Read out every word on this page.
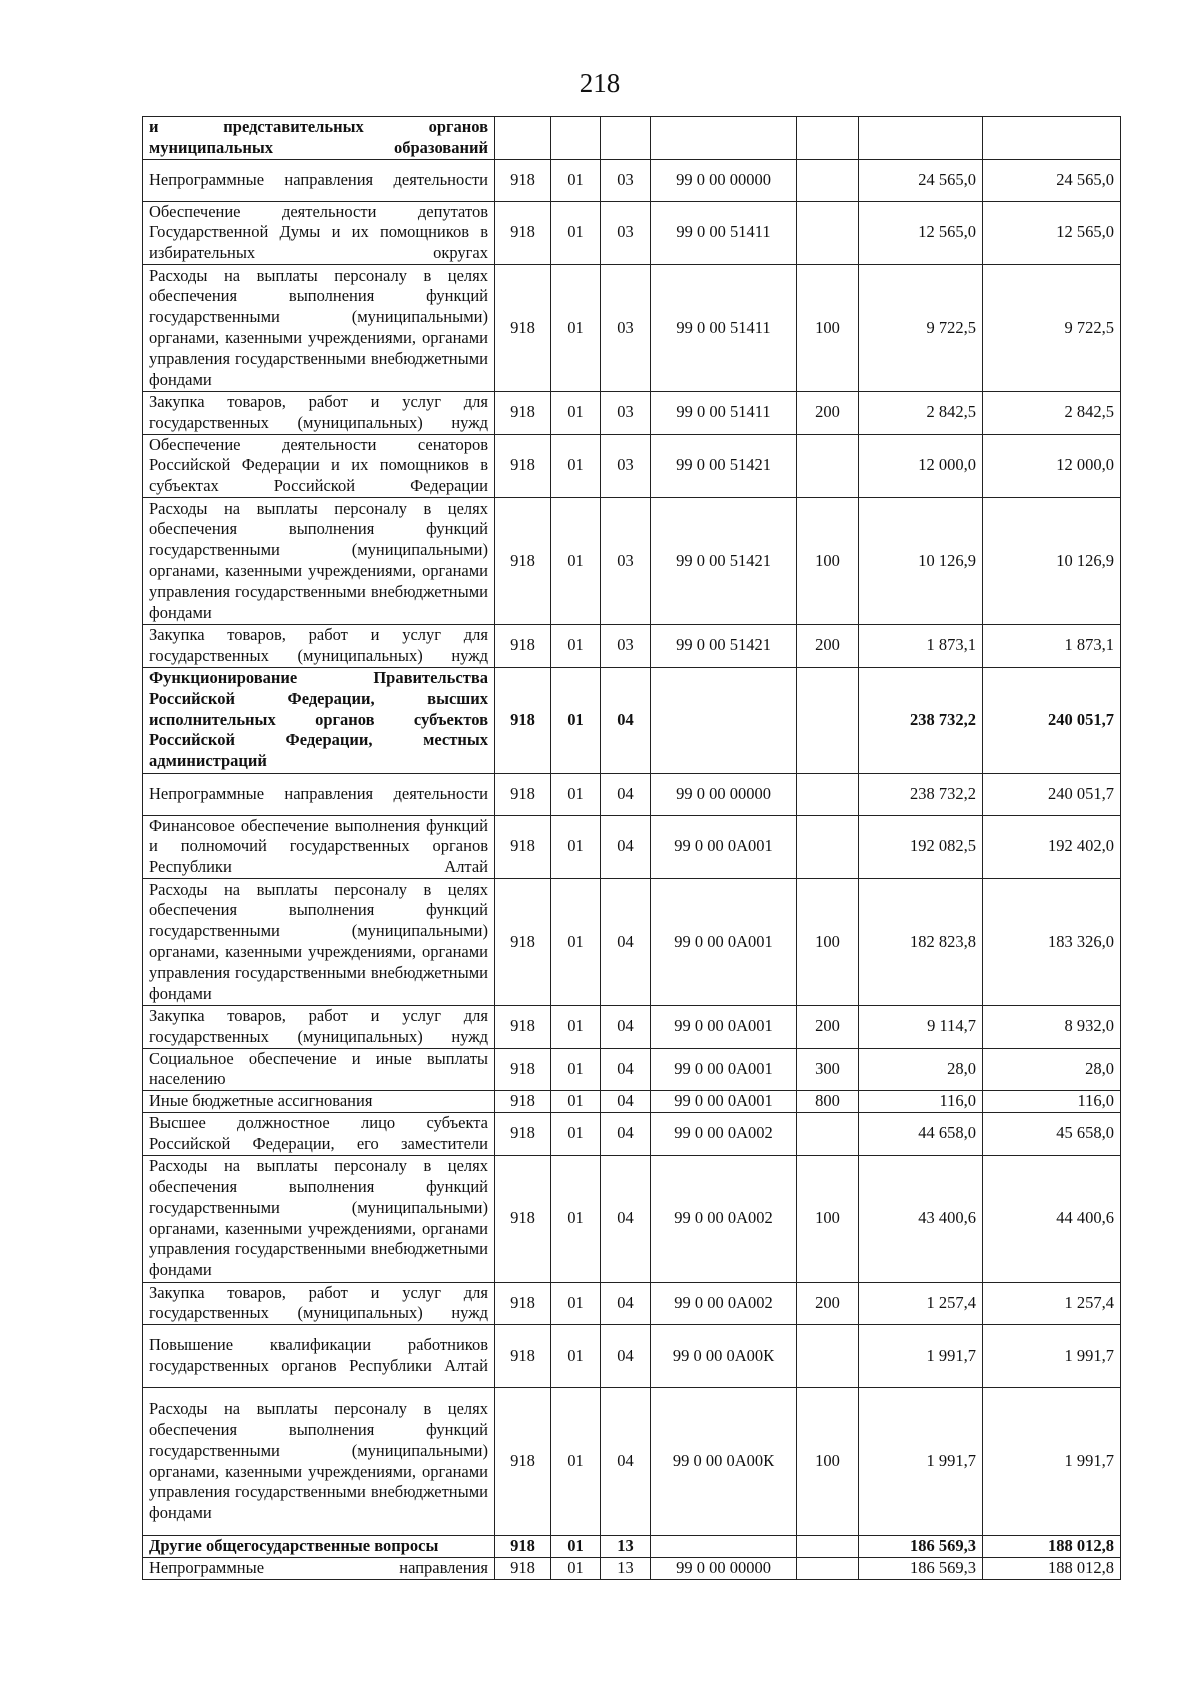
218
и представительных органов муниципальных образований							
Непрограммные направления деятельности	918	01	03	99 0 00 00000		24 565,0	24 565,0
Обеспечение деятельности депутатов Государственной Думы и их помощников в избирательных округах	918	01	03	99 0 00 51411		12 565,0	12 565,0
Расходы на выплаты персоналу в целях обеспечения выполнения функций государственными (муниципальными) органами, казенными учреждениями, органами управления государственными внебюджетными фондами	918	01	03	99 0 00 51411	100	9 722,5	9 722,5
Закупка товаров, работ и услуг для государственных (муниципальных) нужд	918	01	03	99 0 00 51411	200	2 842,5	2 842,5
Обеспечение деятельности сенаторов Российской Федерации и их помощников в субъектах Российской Федерации	918	01	03	99 0 00 51421		12 000,0	12 000,0
Расходы на выплаты персоналу в целях обеспечения выполнения функций государственными (муниципальными) органами, казенными учреждениями, органами управления государственными внебюджетными фондами	918	01	03	99 0 00 51421	100	10 126,9	10 126,9
Закупка товаров, работ и услуг для государственных (муниципальных) нужд	918	01	03	99 0 00 51421	200	1 873,1	1 873,1
Функционирование Правительства Российской Федерации, высших исполнительных органов субъектов Российской Федерации, местных администраций	918	01	04			238 732,2	240 051,7
Непрограммные направления деятельности	918	01	04	99 0 00 00000		238 732,2	240 051,7
Финансовое обеспечение выполнения функций и полномочий государственных органов Республики Алтай	918	01	04	99 0 00 0А001		192 082,5	192 402,0
Расходы на выплаты персоналу в целях обеспечения выполнения функций государственными (муниципальными) органами, казенными учреждениями, органами управления государственными внебюджетными фондами	918	01	04	99 0 00 0А001	100	182 823,8	183 326,0
Закупка товаров, работ и услуг для государственных (муниципальных) нужд	918	01	04	99 0 00 0А001	200	9 114,7	8 932,0
Социальное обеспечение и иные выплаты населению	918	01	04	99 0 00 0А001	300	28,0	28,0
Иные бюджетные ассигнования	918	01	04	99 0 00 0А001	800	116,0	116,0
Высшее должностное лицо субъекта Российской Федерации, его заместители	918	01	04	99 0 00 0А002		44 658,0	45 658,0
Расходы на выплаты персоналу в целях обеспечения выполнения функций государственными (муниципальными) органами, казенными учреждениями, органами управления государственными внебюджетными фондами	918	01	04	99 0 00 0А002	100	43 400,6	44 400,6
Закупка товаров, работ и услуг для государственных (муниципальных) нужд	918	01	04	99 0 00 0А002	200	1 257,4	1 257,4
Повышение квалификации работников государственных органов Республики Алтай	918	01	04	99 0 00 0А00К		1 991,7	1 991,7
Расходы на выплаты персоналу в целях обеспечения выполнения функций государственными (муниципальными) органами, казенными учреждениями, органами управления государственными внебюджетными фондами	918	01	04	99 0 00 0А00К	100	1 991,7	1 991,7
Другие общегосударственные вопросы	918	01	13			186 569,3	188 012,8
Непрограммные направления	918	01	13	99 0 00 00000		186 569,3	188 012,8
